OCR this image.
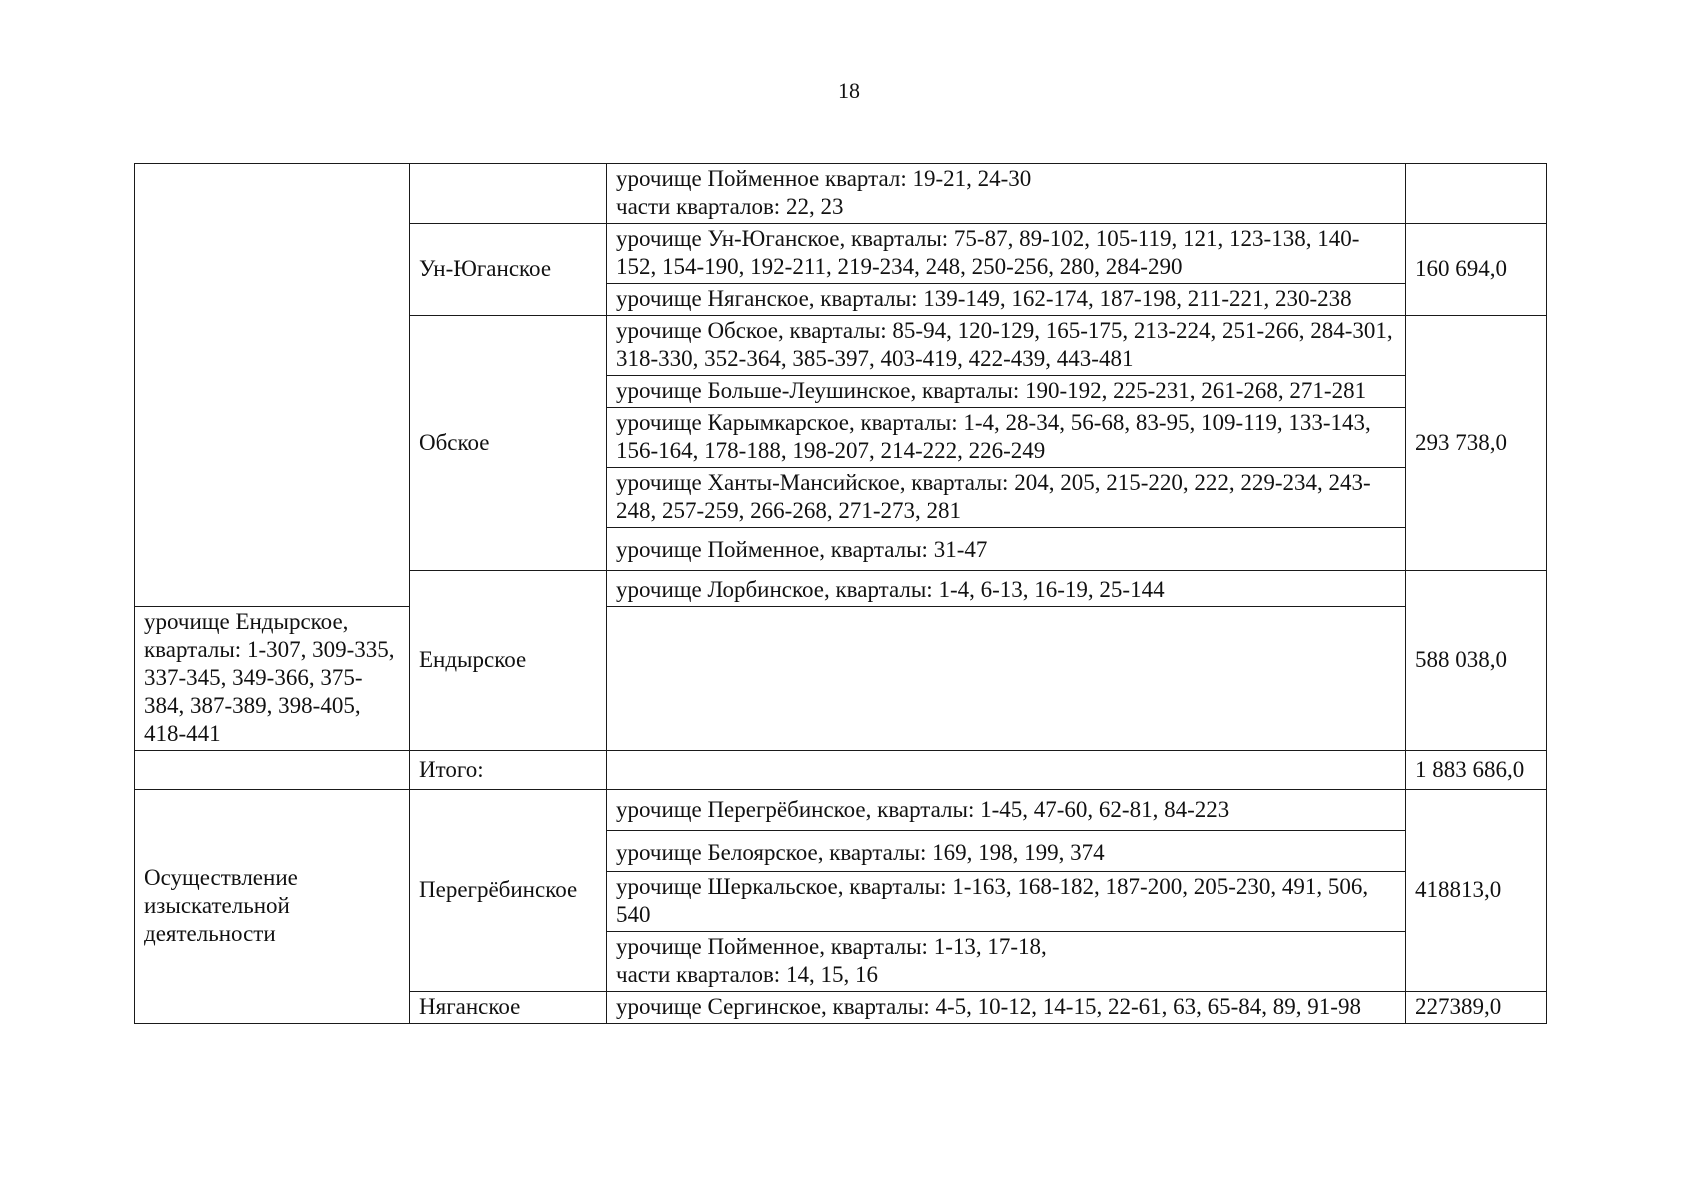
18
		урочище Пойменное квартал: 19-21, 24-30
части кварталов: 22, 23	
	Ун-Юганское	урочище Ун-Юганское, кварталы: 75-87, 89-102, 105-119, 121, 123-138, 140-152, 154-190, 192-211, 219-234, 248, 250-256, 280, 284-290	160 694,0
		урочище Няганское, кварталы: 139-149, 162-174, 187-198, 211-221, 230-238	
	Обское	урочище Обское, кварталы: 85-94, 120-129, 165-175, 213-224, 251-266, 284-301, 318-330, 352-364, 385-397, 403-419, 422-439, 443-481	293 738,0
		урочище Больше-Леушинское, кварталы: 190-192, 225-231, 261-268, 271-281	
		урочище Карымкарское, кварталы: 1-4, 28-34, 56-68, 83-95, 109-119, 133-143, 156-164, 178-188, 198-207, 214-222, 226-249	
		урочище Ханты-Мансийское, кварталы: 204, 205, 215-220, 222, 229-234, 243-248, 257-259, 266-268, 271-273, 281	
		урочище Пойменное, кварталы: 31-47	
	Ендырское	урочище Лорбинское, кварталы: 1-4, 6-13, 16-19, 25-144	588 038,0
урочище Ендырское, кварталы: 1-307, 309-335, 337-345, 349-366, 375-384, 387-389, 398-405, 418-441			
	Итого:		1 883 686,0
Осуществление изыскательной деятельности	Перегрёбинское	урочище Перегрёбинское, кварталы: 1-45, 47-60, 62-81, 84-223	418813,0
		урочище Белоярское, кварталы: 169, 198, 199, 374	
		урочище Шеркальское, кварталы: 1-163, 168-182, 187-200, 205-230, 491, 506, 540	
		урочище Пойменное, кварталы: 1-13, 17-18,
части кварталов: 14, 15, 16	
	Няганское	урочище Сергинское, кварталы: 4-5, 10-12, 14-15, 22-61, 63, 65-84, 89, 91-98	227389,0
